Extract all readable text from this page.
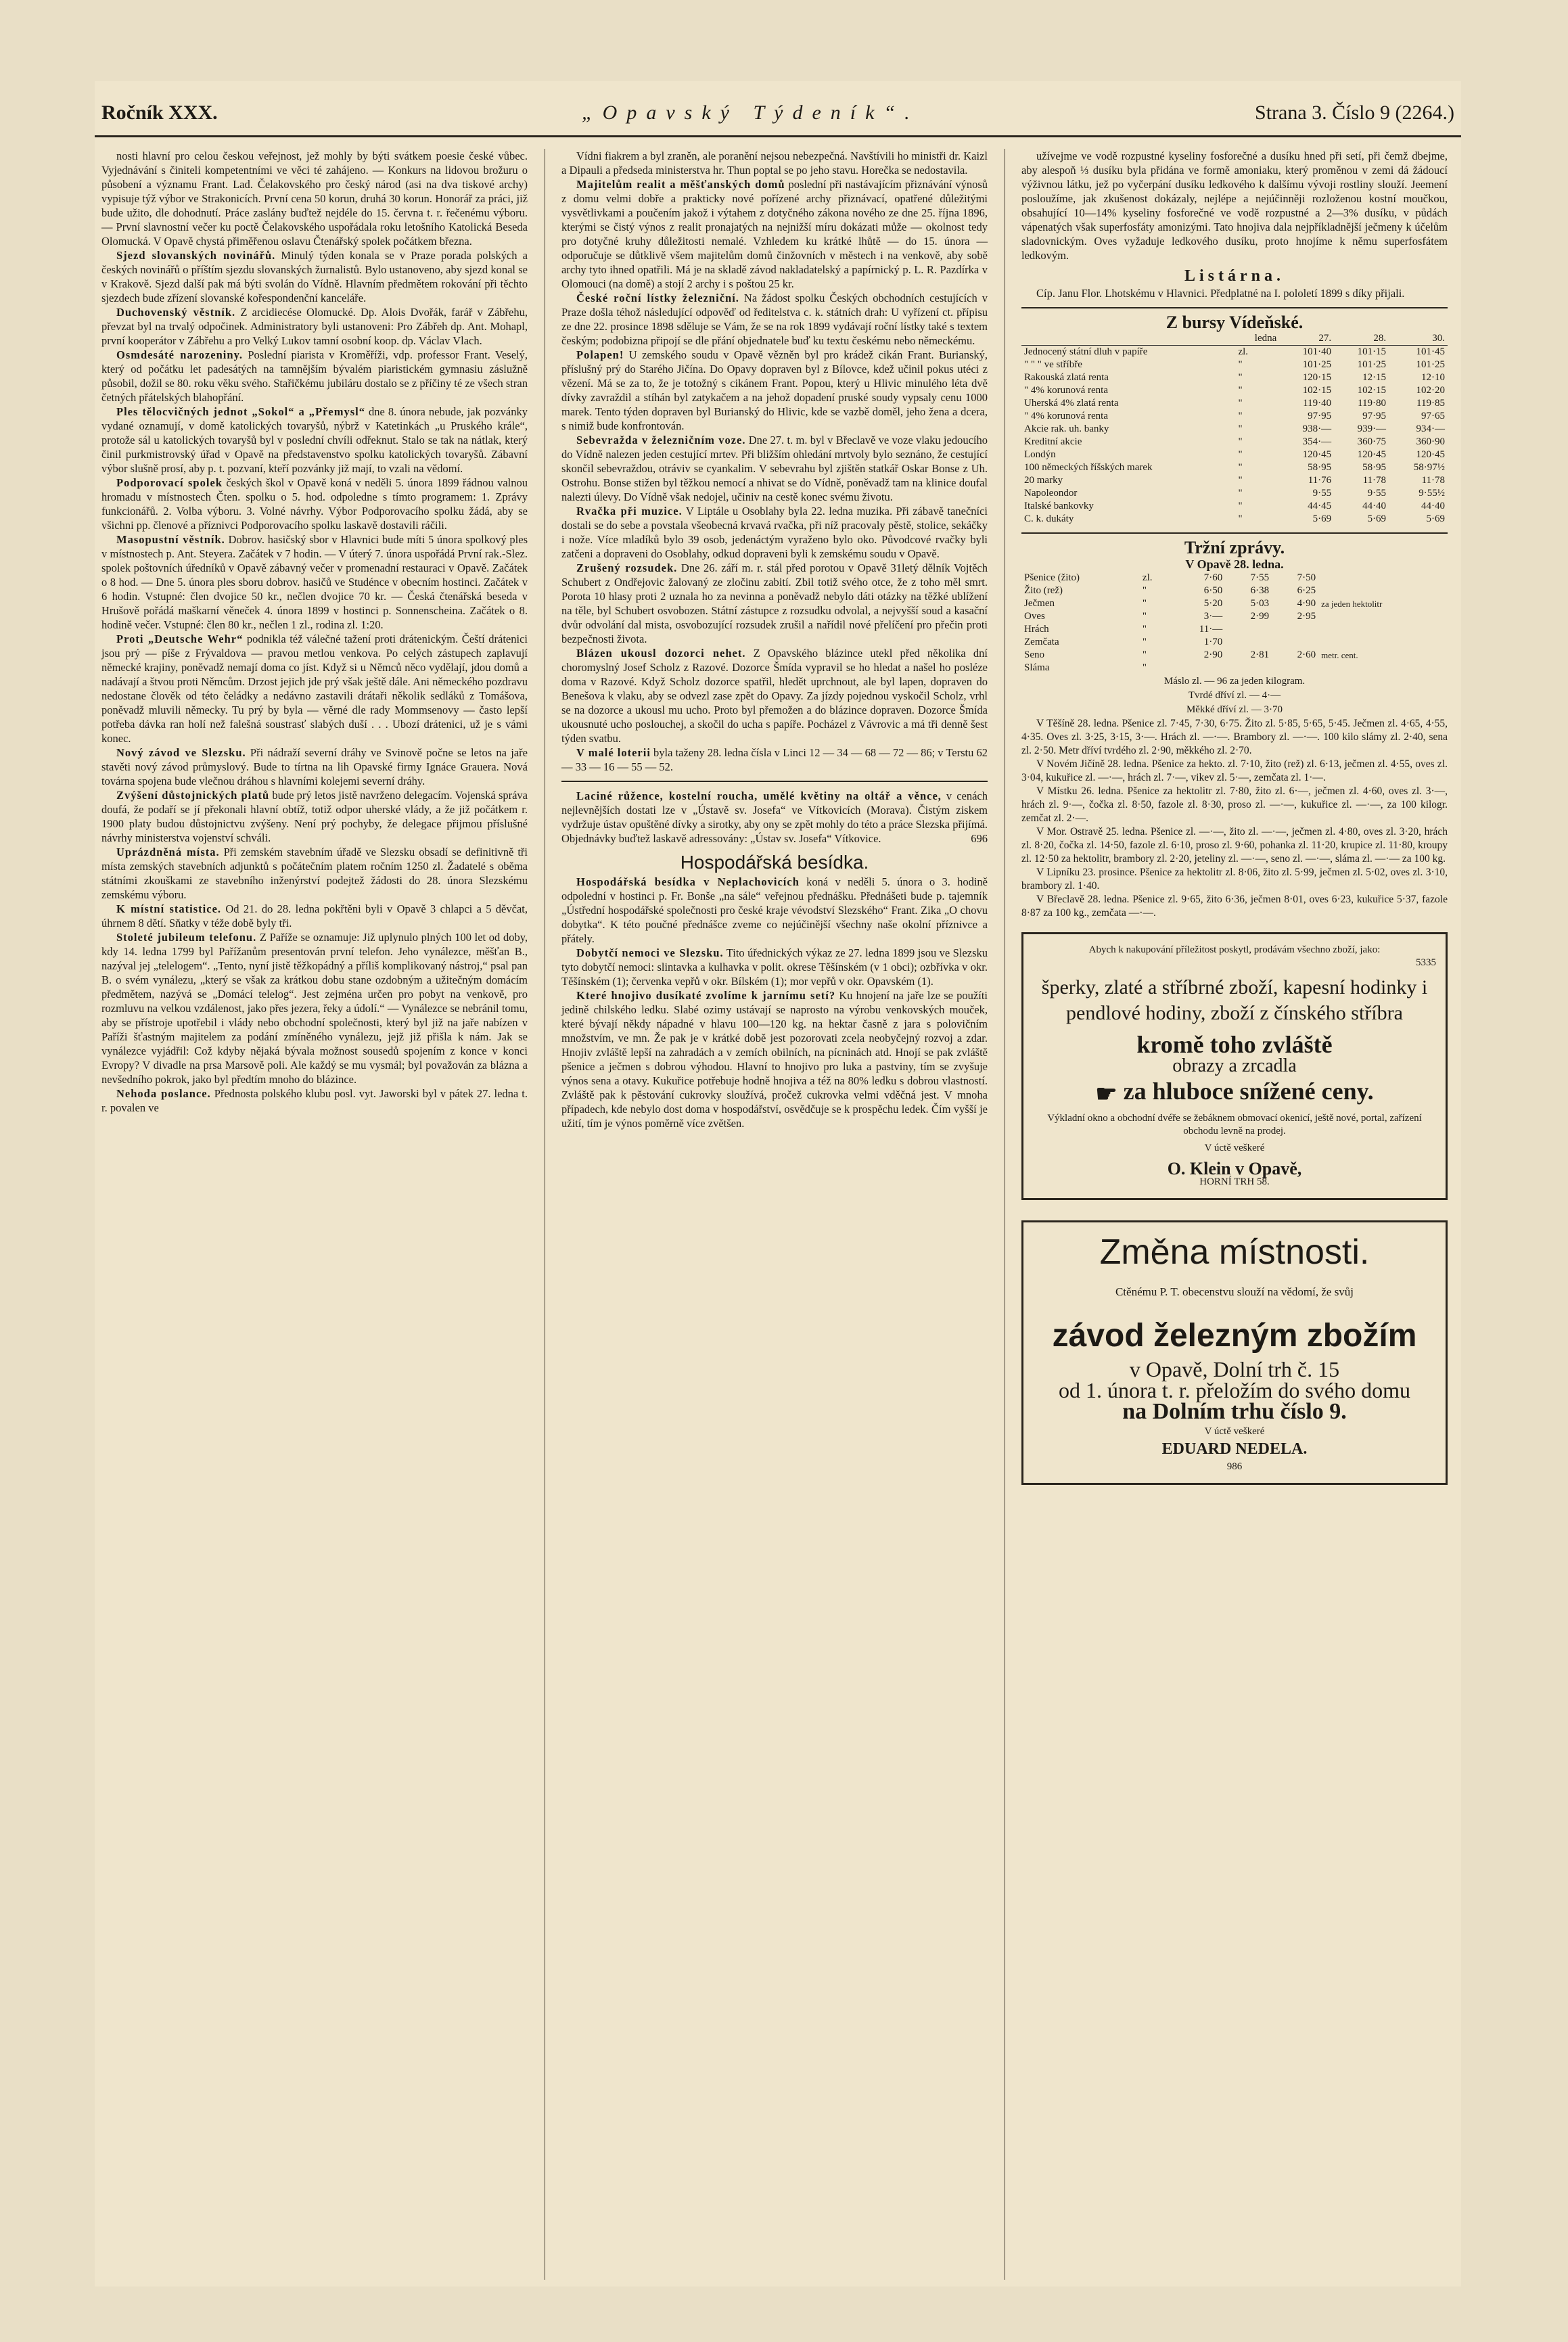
Ročník XXX.	„Opavský Týdeník“.	Strana 3. Číslo 9 (2264.)

nosti hlavní pro celou českou veřejnost, jež mohly by býti svátkem poesie české vůbec. Vyjednávání s činiteli kompetentními ve věci té zahájeno. — Konkurs na lidovou brožuru o působení a významu Frant. Lad. Čelakovského pro český národ (asi na dva tiskové archy) vypisuje týž výbor ve Strakonicích. První cena 50 korun, druhá 30 korun. Honorář za práci, již bude užito, dle dohodnutí. Práce zaslány buďtež nejdéle do 15. června t. r. řečenému výboru. — První slavnostní večer ku poctě Čelakovského uspořádala roku letošního Katolická Beseda Olomucká. V Opavě chystá přiměřenou oslavu Čtenářský spolek počátkem března.

Sjezd slovanských novinářů. Minulý týden konala se v Praze porada polských a českých novinářů o příštím sjezdu slovanských žurnalistů. Bylo ustanoveno, aby sjezd konal se v Krakově. Sjezd další pak má býti svolán do Vídně. Hlavním předmětem rokování při těchto sjezdech bude zřízení slovanské kořespondenční kanceláře.

Duchovenský věstník. Z arcidiecése Olomucké. Dp. Alois Dvořák, farář v Zábřehu, převzat byl na trvalý odpočinek. Administratory byli ustanoveni: Pro Zábřeh dp. Ant. Mohapl, první kooperátor v Zábřehu a pro Velký Lukov tamní osobní koop. dp. Václav Vlach.

Osmdesáté narozeniny. Poslední piarista v Kroměříži, vdp. professor Frant. Veselý, který od počátku let padesátých na tamnějším bývalém piaristickém gymnasiu záslužně působil, dožil se 80. roku věku svého. Stařičkému jubiláru dostalo se z příčiny té ze všech stran četných přátelských blahopřání.

Ples tělocvičných jednot „Sokol“ a „Přemysl“ dne 8. února nebude, jak pozvánky vydané oznamují, v domě katolických tovaryšů, nýbrž v Katetinkách „u Pruského krále“, protože sál u katolických tovaryšů byl v poslední chvíli odřeknut. Stalo se tak na nátlak, který činil purkmistrovský úřad v Opavě na představenstvo spolku katolických tovaryšů. Zábavní výbor slušně prosí, aby p. t. pozvaní, kteří pozvánky již mají, to vzali na vědomí.

Podporovací spolek českých škol v Opavě koná v neděli 5. února 1899 řádnou valnou hromadu v místnostech Čten. spolku o 5. hod. odpoledne s tímto programem: 1. Zprávy funkcionářů. 2. Volba výboru. 3. Volné návrhy. Výbor Podporovacího spolku žádá, aby se všichni pp. členové a příznivci Podporovacího spolku laskavě dostavili ráčili.

Masopustní věstník. Dobrov. hasičský sbor v Hlavnici bude míti 5 února spolkový ples v místnostech p. Ant. Steyera. Začátek v 7 hodin. — V úterý 7. února uspořádá První rak.-Slez. spolek poštovních úředníků v Opavě zábavný večer v promenadní restauraci v Opavě. Začátek o 8 hod. — Dne 5. února ples sboru dobrov. hasičů ve Studénce v obecním hostinci. Začátek v 6 hodin. Vstupné: člen dvojice 50 kr., nečlen dvojice 70 kr. — Česká čtenářská beseda v Hrušově pořádá maškarní věneček 4. února 1899 v hostinci p. Sonnenscheina. Začátek o 8. hodině večer. Vstupné: člen 80 kr., nečlen 1 zl., rodina zl. 1:20.

Proti „Deutsche Wehr“ podnikla též válečné tažení proti drátenickým. Čeští drátenici jsou prý — píše z Frývaldova — pravou metlou venkova. Po celých zástupech zaplavují německé krajiny, poněvadž nemají doma co jíst. Když si u Němců něco vydělají, jdou domů a nadávají a štvou proti Němcům. Drzost jejich jde prý však ještě dále. Ani německého pozdravu nedostane člověk od této čeládky a nedávno zastavili drátaři několik sedláků z Tomášova, poněvadž mluvili německy. Tu prý by byla — věrné dle rady Mommsenovy — často lepší potřeba dávka ran holí než falešná soustrasť slabých duší . . . Ubozí drátenici, už je s vámi konec.

Nový závod ve Slezsku. Při nádraží severní dráhy ve Svinově počne se letos na jaře stavěti nový závod průmyslový. Bude to tírtna na lih Opavské firmy Ignáce Grauera. Nová továrna spojena bude vlečnou dráhou s hlavními kolejemi severní dráhy.

Zvýšení důstojnických platů bude prý letos jistě navrženo delegacím. Vojenská správa doufá, že podaří se jí překonali hlavní obtíž, totiž odpor uherské vlády, a že již počátkem r. 1900 platy budou důstojnictvu zvýšeny. Není prý pochyby, že delegace přijmou příslušné návrhy ministerstva vojenství schváli.

Uprázdněná místa. Při zemském stavebním úřadě ve Slezsku obsadí se definitivně tři místa zemských stavebních adjunktů s počátečním platem ročním 1250 zl. Žadatelé s oběma státními zkouškami ze stavebního inženýrství podejtež žádosti do 28. února Slezskému zemskému výboru.

K místní statistice. Od 21. do 28. ledna pokřtěni byli v Opavě 3 chlapci a 5 děvčat, úhrnem 8 dětí. Sňatky v téže době byly tři.

Stoleté jubileum telefonu. Z Paříže se oznamuje: Již uplynulo plných 100 let od doby, kdy 14. ledna 1799 byl Pařížanům presentován první telefon. Jeho vynálezce, měšťan B., nazýval jej „telelogem“. „Tento, nyní jistě těžkopádný a příliš komplikovaný nástroj,“ psal pan B. o svém vynálezu, „který se však za krátkou dobu stane ozdobným a užitečným domácím předmětem, nazývá se „Domácí telelog“. Jest zejména určen pro pobyt na venkově, pro rozmluvu na velkou vzdálenost, jako přes jezera, řeky a údolí.“ — Vynálezce se nebránil tomu, aby se přístroje upotřebil i vlády nebo obchodní společnosti, který byl již na jaře nabízen v Paříži šťastným majitelem za podání zmíněného vynálezu, jejž již přišla k nám. Jak se vynálezce vyjádřil: Což kdyby nějaká bývala možnost sousedů spojením z konce v konci Evropy? V divadle na prsa Marsově poli. Ale každý se mu vysmál; byl považován za blázna a nevšedního pokrok, jako byl předtím mnoho do blázince.

Nehoda poslance. Přednosta polského klubu posl. vyt. Jaworski byl v pátek 27. ledna t. r. povalen ve

Vídni fiakrem a byl zraněn, ale poranění nejsou nebezpečná. Navštívili ho ministři dr. Kaizl a Dipauli a předseda ministerstva hr. Thun poptal se po jeho stavu. Horečka se nedostavila.

Majitelům realit a měšťanských domů poslední při nastávajícím přiznávání výnosů z domu velmi dobře a prakticky nové pořízené archy přiznávací, opatřené důležitými vysvětlivkami a poučením jakož i výtahem z dotyčného zákona nového ze dne 25. října 1896, kterými se čistý výnos z realit pronajatých na nejnižší míru dokázati může — okolnost tedy pro dotyčné kruhy důležitosti nemalé. Vzhledem ku krátké lhůtě — do 15. února — odporučuje se důtklivě všem majitelům domů činžovních v městech i na venkově, aby sobě archy tyto ihned opatřili. Má je na skladě závod nakladatelský a papírnický p. L. R. Pazdírka v Olomouci (na domě) a stojí 2 archy i s poštou 25 kr.

České roční lístky železniční. Na žádost spolku Českých obchodních cestujících v Praze došla téhož následující odpověď od ředitelstva c. k. státních drah: U vyřízení ct. přípisu ze dne 22. prosince 1898 sděluje se Vám, že se na rok 1899 vydávají roční lístky také s textem českým; podobizna připojí se dle přání objednatele buď ku textu českému nebo německému.

Polapen! U zemského soudu v Opavě vězněn byl pro krádež cikán Frant. Burianský, příslušný prý do Starého Jičína. Do Opavy dopraven byl z Bílovce, kdež učinil pokus utéci z vězení. Má se za to, že je totožný s cikánem Frant. Popou, který u Hlivic minulého léta dvě dívky zavraždil a stíhán byl zatykačem a na jehož dopadení pruské soudy vypsaly cenu 1000 marek. Tento týden dopraven byl Burianský do Hlivic, kde se vazbě doměl, jeho žena a dcera, s nimiž bude konfrontován.

Sebevražda v železničním voze. Dne 27. t. m. byl v Břeclavě ve voze vlaku jedoucího do Vídně nalezen jeden cestující mrtev. Při bližším ohledání mrtvoly bylo seznáno, že cestující skončil sebevraždou, otráviv se cyankalim. V sebevrahu byl zjištěn statkář Oskar Bonse z Uh. Ostrohu. Bonse stižen byl těžkou nemocí a nhivat se do Vídně, poněvadž tam na klinice doufal nalezti úlevy. Do Vídně však nedojel, učiniv na cestě konec svému životu.

Rvačka při muzice. V Liptále u Osoblahy byla 22. ledna muzika. Při zábavě tanečníci dostali se do sebe a povstala všeobecná krvavá rvačka, při níž pracovaly pěstě, stolice, sekáčky i nože. Více mladíků bylo 39 osob, jedenáctým vyraženo bylo oko. Původcové rvačky byli zatčeni a dopraveni do Osoblahy, odkud dopraveni byli k zemskému soudu v Opavě.

Zrušený rozsudek. Dne 26. září m. r. stál před porotou v Opavě 31letý dělník Vojtěch Schubert z Ondřejovic žalovaný ze zločinu zabití. Zbil totiž svého otce, že z toho měl smrt. Porota 10 hlasy proti 2 uznala ho za nevinna a poněvadž nebylo dáti otázky na těžké ublížení na těle, byl Schubert osvobozen. Státní zástupce z rozsudku odvolal, a nejvyšší soud a kasační dvůr odvolání dal mista, osvobozující rozsudek zrušil a nařídil nové přelíčení pro přečin proti bezpečnosti života.

Blázen ukousl dozorci nehet. Z Opavského blázince utekl před několika dní choromyslný Josef Scholz z Razové. Dozorce Šmída vypravil se ho hledat a našel ho posléze doma v Razové. Když Scholz dozorce spatřil, hledět uprchnout, ale byl lapen, dopraven do Benešova k vlaku, aby se odvezl zase zpět do Opavy. Za jízdy pojednou vyskočil Scholz, vrhl se na dozorce a ukousl mu ucho. Proto byl přemožen a do blázince dopraven. Dozorce Šmída ukousnuté ucho poslouchej, a skočil do ucha s papíře. Pocházel z Vávrovic a má tři denně šest týden svatbu.

V malé loterii byla taženy 28. ledna čísla v Linci 12 — 34 — 68 — 72 — 86; v Terstu 62 — 33 — 16 — 55 — 52.

Laciné růžence, kostelní roucha, umělé květiny na oltář a věnce, v cenách nejlevnějších dostati lze v „Ústavě sv. Josefa“ ve Vítkovicích (Morava). Čistým ziskem vydržuje ústav opuštěné dívky a sirotky, aby ony se zpět mohly do této a práce Slezska přijímá. Objednávky buďtež laskavě adressovány: „Ústav sv. Josefa“ Vítkovice.	696

Hospodářská besídka.

Hospodářská besídka v Neplachovicích koná v neděli 5. února o 3. hodině odpolední v hostinci p. Fr. Bonše „na sále“ veřejnou přednášku. Přednášeti bude p. tajemník „Ústřední hospodářské společnosti pro české kraje vévodství Slezského“ Frant. Zika „O chovu dobytka“. K této poučné přednášce zveme co nejúčinější všechny naše okolní příznivce a přátely.

Dobytčí nemoci ve Slezsku. Tito úřednických výkaz ze 27. ledna 1899 jsou ve Slezsku tyto dobytčí nemoci: slintavka a kulhavka v polit. okrese Těšínském (v 1 obci); ozbřívka v okr. Těšínském (1); červenka vepřů v okr. Bílském (1); mor vepřů v okr. Opavském (1).

Které hnojivo dusíkaté zvolíme k jarnímu setí? Ku hnojení na jaře lze se použíti jedině chilského ledku. Slabé ozimy ustávají se naprosto na výrobu venkovských mouček, které bývají někdy nápadné v hlavu 100—120 kg. na hektar časně z jara s polovičním množstvím, ve mn. Že pak je v krátké době jest pozorovati zcela neobyčejný rozvoj a zdar. Hnojiv zvláště lepší na zahradách a v zemích obilních, na pícninách atd. Hnojí se pak zvláště pšenice a ječmen s dobrou výhodou. Hlavní to hnojivo pro luka a pastviny, tím se zvyšuje výnos sena a otavy. Kukuřice potřebuje hodně hnojiva a též na 80% ledku s dobrou vlastností. Zvláště pak k pěstování cukrovky sloužívá, pročež cukrovka velmi vděčná jest. V mnoha případech, kde nebylo dost doma v hospodářství, osvědčuje se k prospěchu ledek. Čím vyšší je užití, tím je výnos poměrně více zvětšen.

užívejme ve vodě rozpustné kyseliny fosforečné a dusíku hned při setí, při čemž dbejme, aby alespoň ⅓ dusíku byla přidána ve formě amoniaku, který proměnou v zemi dá žádoucí výživnou látku, jež po vyčerpání dusíku ledkového k dalšímu vývoji rostliny slouží. Jeemení posloužíme, jak zkušenost dokázaly, nejlépe a nejúčinněji rozloženou kostní moučkou, obsahující 10—14% kyseliny fosforečné ve vodě rozpustné a 2—3% dusíku, v půdách vápenatých však superfosfáty amonizými. Tato hnojiva dala nejpříkladnější ječmeny k účelům sladovnickým. Oves vyžaduje ledkového dusíku, proto hnojíme k němu superfosfátem ledkovým.

Listárna.

Cíp. Janu Flor. Lhotskému v Hlavnici. Předplatné na I. pololetí 1899 s díky přijali.

Z bursy Vídeňské.
	ledna	27.	28.	30.
Jednocený státní dluh v papíře	zl.	101·40	101·15	101·45
" " " ve stříbře	"	101·25	101·25	101·25
Rakouská zlatá renta	"	120·15	12·15	12·10
" 4% korunová renta	"	102·15	102·15	102·20
Uherská 4% zlatá renta	"	119·40	119·80	119·85
" 4% korunová renta	"	97·95	97·95	97·65
Akcie rak. uh. banky	"	938·—	939·—	934·—
Kreditní akcie	"	354·—	360·75	360·90
Londýn	"	120·45	120·45	120·45
100 německých říšských marek	"	58·95	58·95	58·97½
20 marky	"	11·76	11·78	11·78
Napoleondor	"	9·55	9·55	9·55½
Italské bankovky	"	44·45	44·40	44·40
C. k. dukáty	"	5·69	5·69	5·69
Tržní zprávy.
V Opavě 28. ledna.
Pšenice (žito)	zl.	7·60	7·55	7·50	
Žito (rež)	"	6·50	6·38	6·25	
Ječmen	"	5·20	5·03	4·90	za jeden hektolitr
Oves	"	3·—	2·99	2·95	
Hrách	"	11·—			
Zemčata	"	1·70			
Seno	"	2·90	2·81	2·60	metr. cent.
Sláma	"				
Máslo zl. — 96 za jeden kilogram.
Tvrdé dříví zl. — 4·—
Měkké dříví zl. — 3·70

V Těšíně 28. ledna. Pšenice zl. 7·45, 7·30, 6·75. Žito zl. 5·85, 5·65, 5·45. Ječmen zl. 4·65, 4·55, 4·35. Oves zl. 3·25, 3·15, 3·—. Hrách zl. —·—. Brambory zl. —·—. 100 kilo slámy zl. 2·40, sena zl. 2·50. Metr dříví tvrdého zl. 2·90, měkkého zl. 2·70.

V Novém Jičíně 28. ledna. Pšenice za hekto. zl. 7·10, žito (rež) zl. 6·13, ječmen zl. 4·55, oves zl. 3·04, kukuřice zl. —·—, hrách zl. 7·—, vikev zl. 5·—, zemčata zl. 1·—.

V Místku 26. ledna. Pšenice za hektolitr zl. 7·80, žito zl. 6·—, ječmen zl. 4·60, oves zl. 3·—, hrách zl. 9·—, čočka zl. 8·50, fazole zl. 8·30, proso zl. —·—, kukuřice zl. —·—, za 100 kilogr. zemčat zl. 2·—.

V Mor. Ostravě 25. ledna. Pšenice zl. —·—, žito zl. —·—, ječmen zl. 4·80, oves zl. 3·20, hrách zl. 8·20, čočka zl. 14·50, fazole zl. 6·10, proso zl. 9·60, pohanka zl. 11·20, krupice zl. 11·80, kroupy zl. 12·50 za hektolitr, brambory zl. 2·20, jeteliny zl. —·—, seno zl. —·—, sláma zl. —·— za 100 kg.

V Lipníku 23. prosince. Pšenice za hektolitr zl. 8·06, žito zl. 5·99, ječmen zl. 5·02, oves zl. 3·10, brambory zl. 1·40.

V Břeclavě 28. ledna. Pšenice zl. 9·65, žito 6·36, ječmen 8·01, oves 6·23, kukuřice 5·37, fazole 8·87 za 100 kg., zemčata —·—.

Abych k nakupování příležitost poskytl, prodávám všechno zboží, jako:
5335
šperky, zlaté a stříbrné zboží, kapesní hodinky i pendlové hodiny, zboží z čínského stříbra
kromě toho zvláště
obrazy a zrcadla
☛ za hluboce snížené ceny.
Výkladní okno a obchodní dvéře se žebáknem obmovací okenicí, ještě nové, portal, zařízení obchodu levně na prodej.
V úctě veškeré
O. Klein v Opavě,
HORNÍ TRH 58.
Změna místnosti.
Ctěnému P. T. obecenstvu slouží na vědomí, že svůj
závod železným zbožím
v Opavě, Dolní trh č. 15
od 1. února t. r. přeložím do svého domu
na Dolním trhu číslo 9.
V úctě veškeré
EDUARD NEDELA.
986
